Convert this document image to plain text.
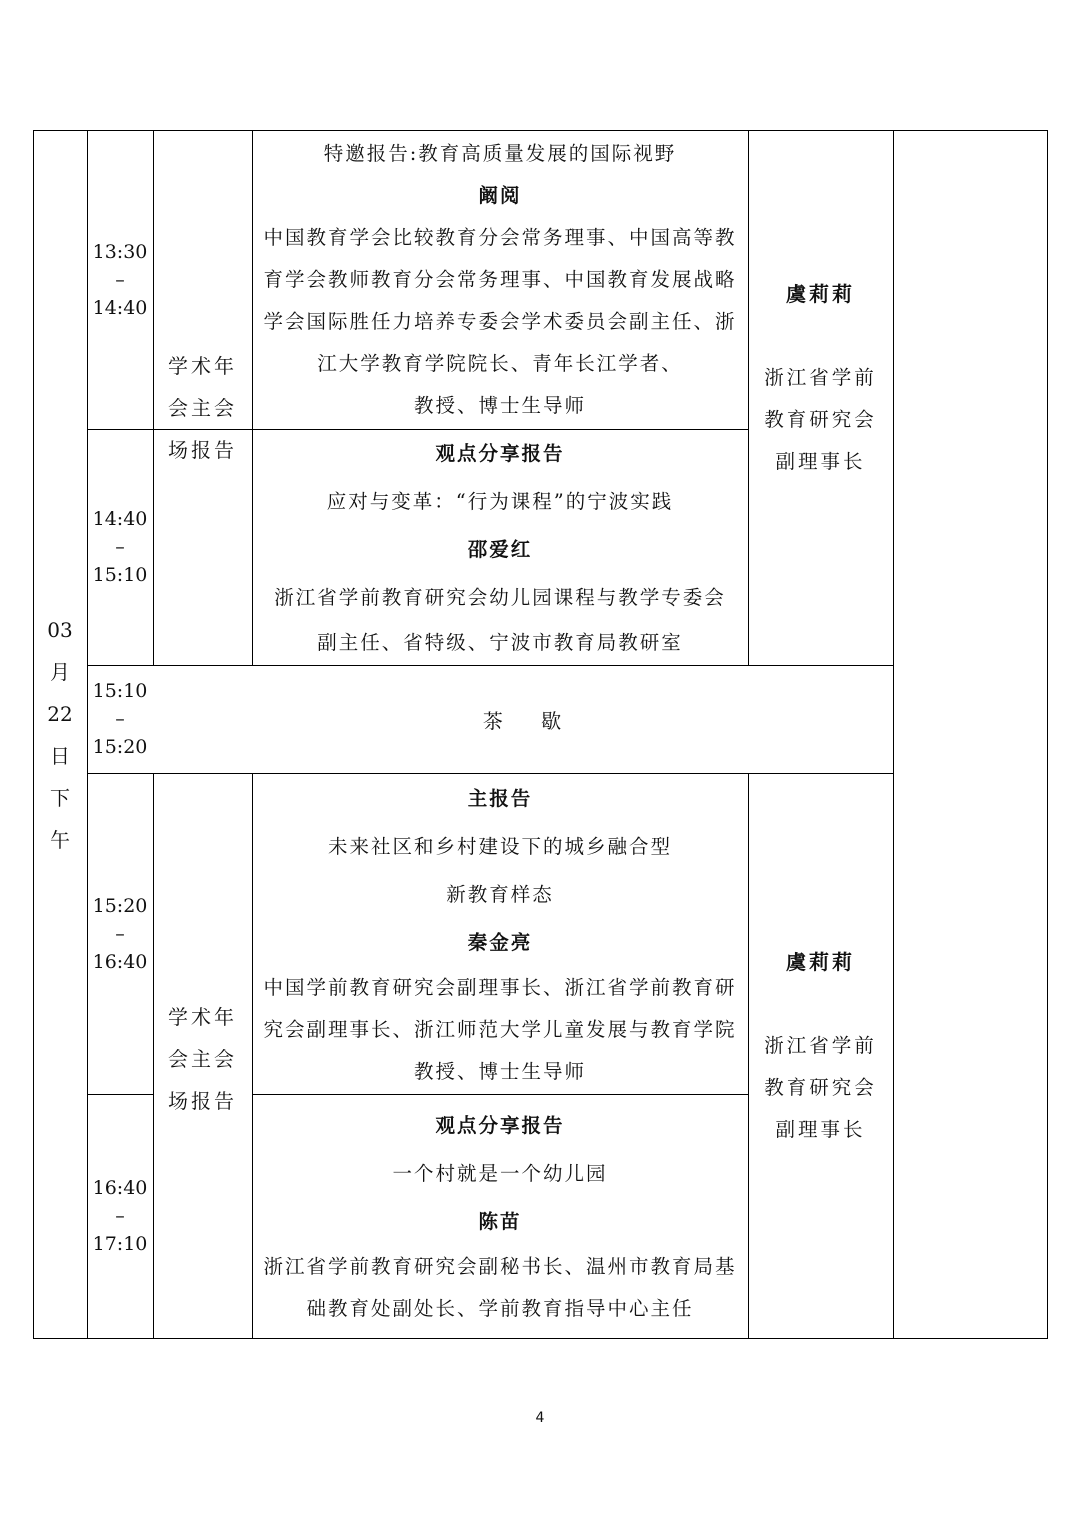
03
月
22
日
下
午
13:30
–
14:40
14:40
–
15:10
15:10
–
15:20
15:20
–
16:40
16:40
–
17:10
学术年
会主会
场报告
学术年
会主会
场报告
特邀报告:教育高质量发展的国际视野
阚阅
中国教育学会比较教育分会常务理事、中国高等教
育学会教师教育分会常务理事、中国教育发展战略
学会国际胜任力培养专委会学术委员会副主任、浙
江大学教育学院院长、青年长江学者、
教授、博士生导师
观点分享报告
应对与变革：“行为课程”的宁波实践
邵爱红
浙江省学前教育研究会幼儿园课程与教学专委会
副主任、省特级、宁波市教育局教研室
茶 歇
主报告
未来社区和乡村建设下的城乡融合型
新教育样态
秦金亮
中国学前教育研究会副理事长、浙江省学前教育研
究会副理事长、浙江师范大学儿童发展与教育学院
教授、博士生导师
观点分享报告
一个村就是一个幼儿园
陈苗
浙江省学前教育研究会副秘书长、温州市教育局基
础教育处副处长、学前教育指导中心主任
虞莉莉
浙江省学前
教育研究会
副理事长
虞莉莉
浙江省学前
教育研究会
副理事长
4
